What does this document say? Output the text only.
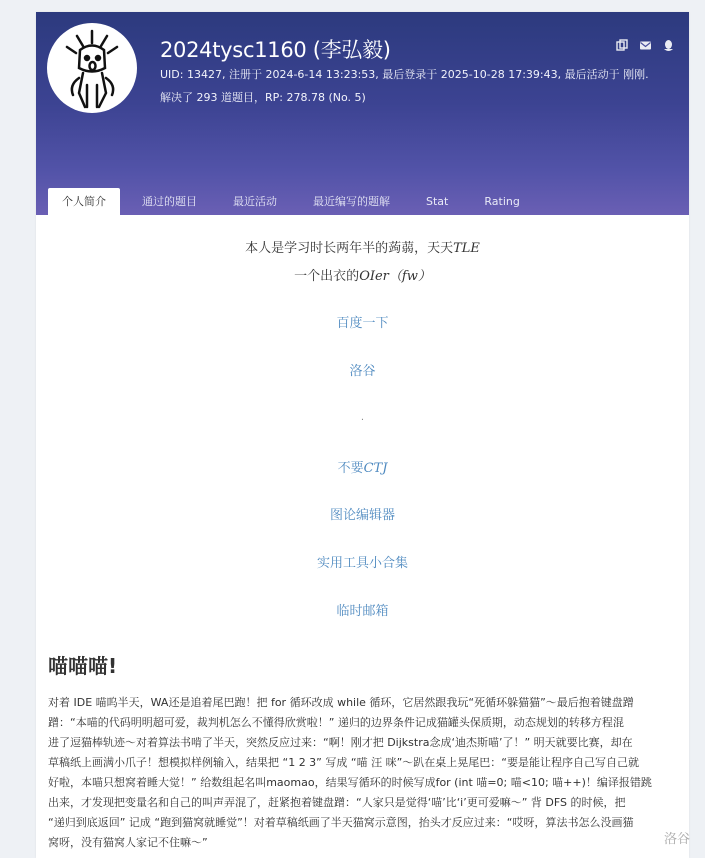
2024tysc1160 (李弘毅)
UID: 13427, 注册于 2024-6-14 13:23:53, 最后登录于 2025-10-28 17:39:43, 最后活动于 刚刚.
解决了 293 道题目，RP: 278.78 (No. 5)
个人简介	通过的题目	最近活动	最近编写的题解	Stat	Rating
本人是学习时长两年半的蒟蒻，天天TLE
一个出衣的OIer（fw）
百度一下
洛谷
.
不要CTJ
图论编辑器
实用工具小合集
临时邮箱
喵喵喵!
对着 IDE 喵呜半天，WA还是追着尾巴跑！把 for 循环改成 while 循环，它居然跟我玩“死循环躲猫猫”～最后抱着键盘蹭
蹭：“本喵的代码明明超可爱，裁判机怎么不懂得欣赏啦！” 递归的边界条件记成猫罐头保质期，动态规划的转移方程混
进了逗猫棒轨迹～对着算法书啃了半天，突然反应过来：“啊！刚才把 Dijkstra念成‘迪杰斯喵’了！” 明天就要比赛，却在
草稿纸上画满小爪子！想模拟样例输入，结果把 “1 2 3” 写成 “喵 汪 咪”～趴在桌上晃尾巴：“要是能让程序自己写自己就
好啦，本喵只想窝着睡大觉！” 给数组起名叫maomao，结果写循环的时候写成for (int 喵=0; 喵<10; 喵++)！编译报错跳
出来，才发现把变量名和自己的叫声弄混了，赶紧抱着键盘蹭：“人家只是觉得‘喵’比‘i’更可爱嘛～” 背 DFS 的时候，把
“递归到底返回” 记成 “跑到猫窝就睡觉”！对着草稿纸画了半天猫窝示意图，抬头才反应过来：“哎呀，算法书怎么没画猫
窝呀，没有猫窝人家记不住嘛～”	洛谷
